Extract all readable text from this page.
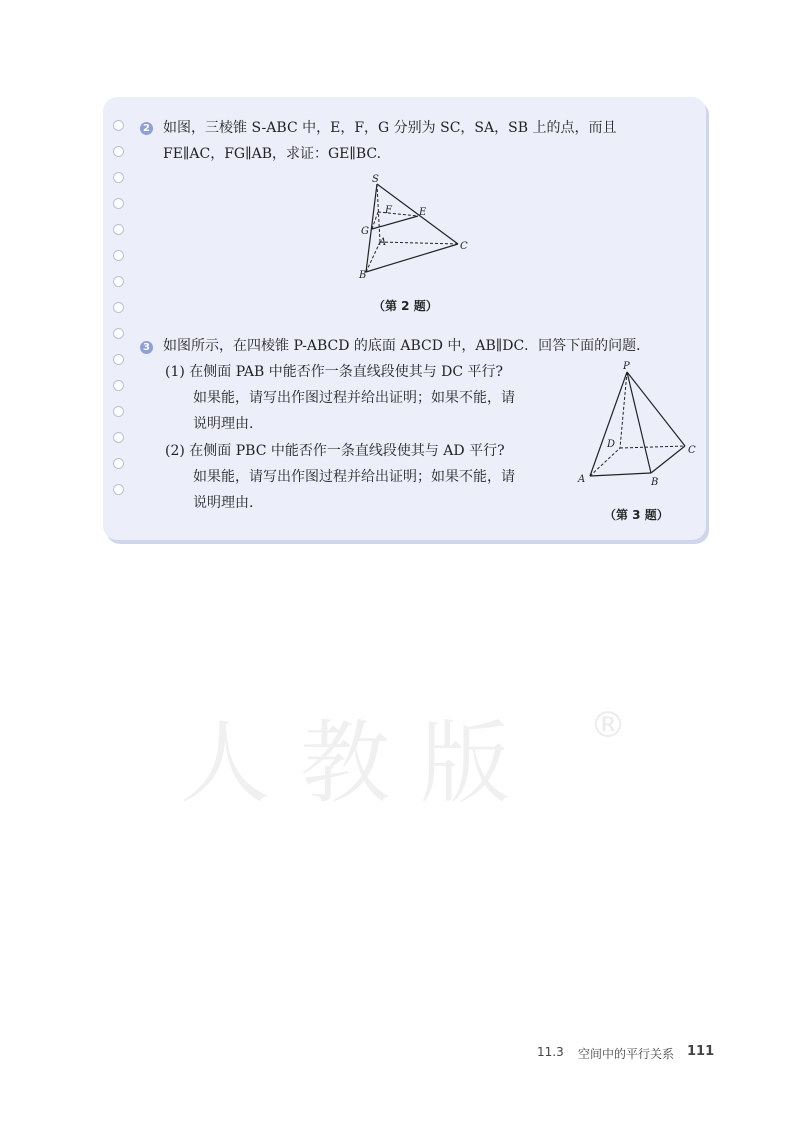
人教版 ®
2 如图，三棱锥 S-ABC 中，E，F，G 分别为 SC，SA，SB 上的点，而且
FE∥AC，FG∥AB，求证：GE∥BC.
S
F	E
G
A	C
B
（第 2 题）
3 如图所示，在四棱锥 P-ABCD 的底面 ABCD 中，AB∥DC．回答下面的问题．
(1) 在侧面 PAB 中能否作一条直线段使其与 DC 平行?
如果能，请写出作图过程并给出证明；如果不能，请
说明理由.
(2) 在侧面 PBC 中能否作一条直线段使其与 AD 平行?
如果能，请写出作图过程并给出证明；如果不能，请
说明理由.
P
D
C
A	B
（第 3 题）
11.3 空间中的平行关系 111
